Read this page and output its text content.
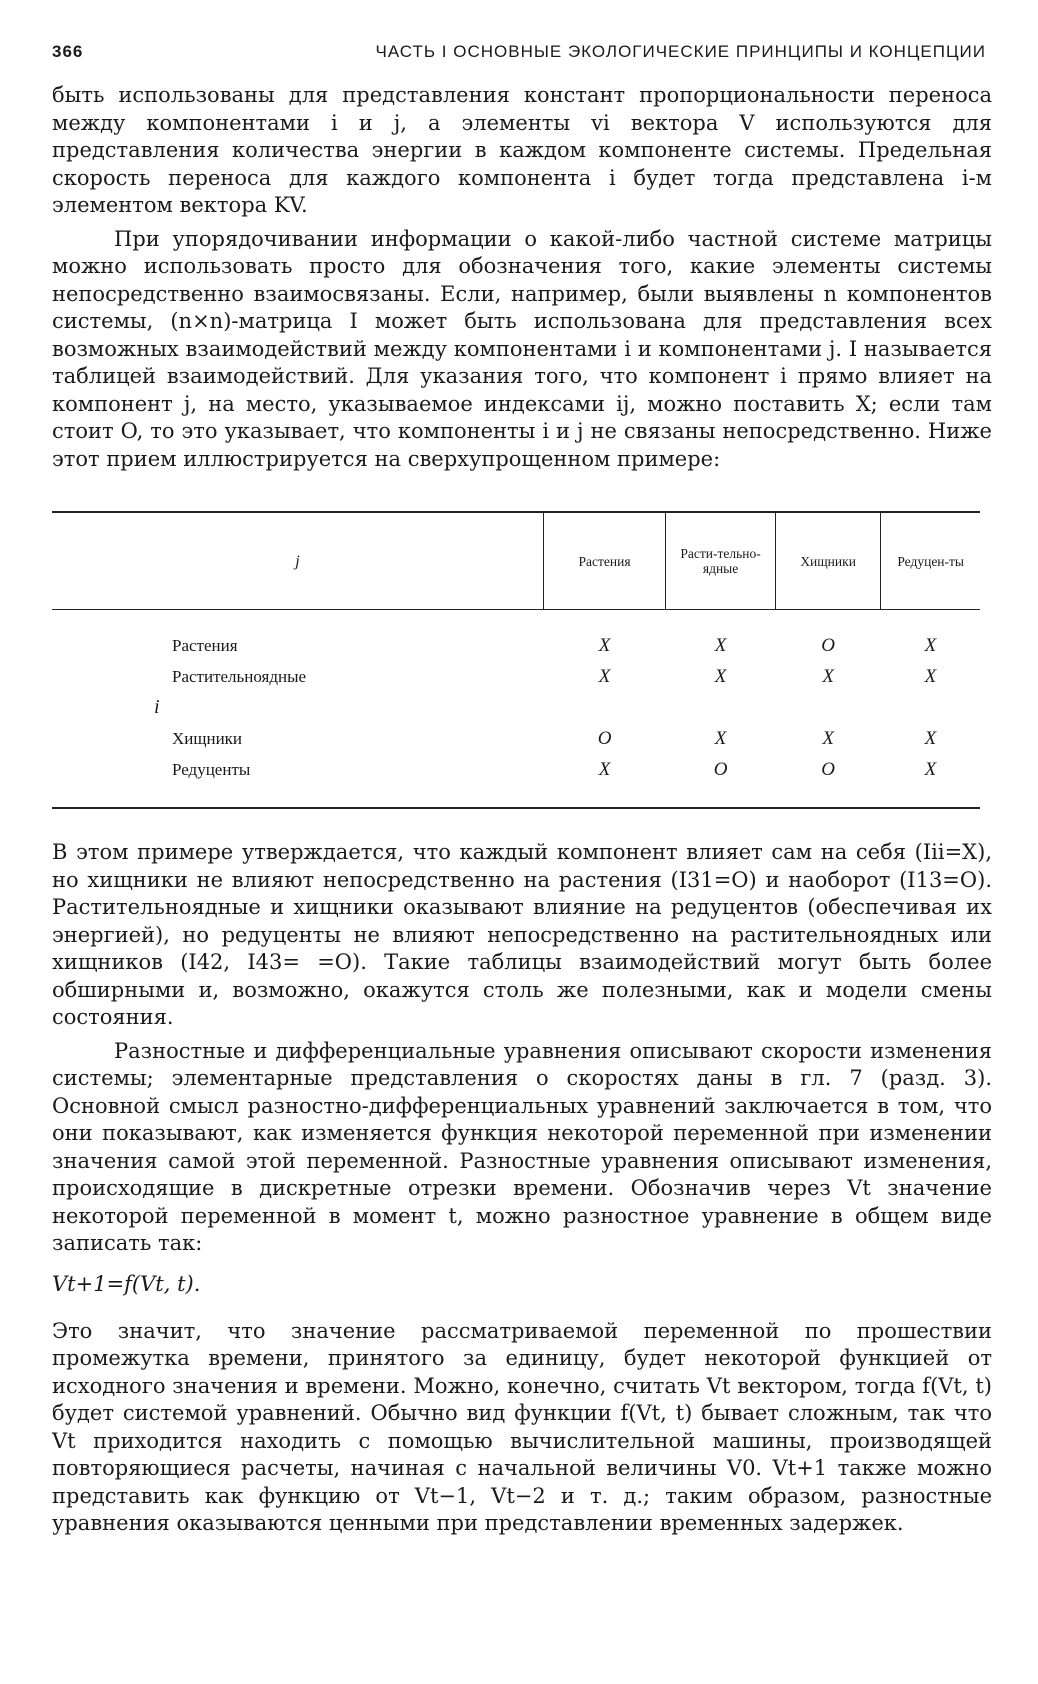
366	ЧАСТЬ I ОСНОВНЫЕ ЭКОЛОГИЧЕСКИЕ ПРИНЦИПЫ И КОНЦЕПЦИИ

быть использованы для представления констант пропорциональности переноса между компонентами i и j, а элементы vi вектора V используются для представления количества энергии в каждом компоненте системы. Предельная скорость переноса для каждого компонента i будет тогда представлена i-м элементом вектора KV.

При упорядочивании информации о какой-либо частной системе матрицы можно использовать просто для обозначения того, какие элементы системы непосредственно взаимосвязаны. Если, например, были выявлены n компонентов системы, (n×n)-матрица I может быть использована для представления всех возможных взаимодействий между компонентами i и компонентами j. I называется таблицей взаимодействий. Для указания того, что компонент i прямо влияет на компонент j, на место, указываемое индексами ij, можно поставить X; если там стоит O, то это указывает, что компоненты i и j не связаны непосредственно. Ниже этот прием иллюстрируется на сверхупрощенном примере:

j	Растения	Расти-тельно-ядные	Хищники	Редуцен-ты
Растения	X	X	O	X
Растительноядные	X	X	X	X
i				
Хищники	O	X	X	X
Редуценты	X	O	O	X

В этом примере утверждается, что каждый компонент влияет сам на себя (Iii=X), но хищники не влияют непосредственно на растения (I31=O) и наоборот (I13=O). Растительноядные и хищники оказывают влияние на редуцентов (обеспечивая их энергией), но редуценты не влияют непосредственно на растительноядных или хищников (I42, I43= =O). Такие таблицы взаимодействий могут быть более обширными и, возможно, окажутся столь же полезными, как и модели смены состояния.

Разностные и дифференциальные уравнения описывают скорости изменения системы; элементарные представления о скоростях даны в гл. 7 (разд. 3). Основной смысл разностно-дифференциальных уравнений заключается в том, что они показывают, как изменяется функция некоторой переменной при изменении значения самой этой переменной. Разностные уравнения описывают изменения, происходящие в дискретные отрезки времени. Обозначив через Vt значение некоторой переменной в момент t, можно разностное уравнение в общем виде записать так:

Vt+1=f(Vt, t).

Это значит, что значение рассматриваемой переменной по прошествии промежутка времени, принятого за единицу, будет некоторой функцией от исходного значения и времени. Можно, конечно, считать Vt вектором, тогда f(Vt, t) будет системой уравнений. Обычно вид функции f(Vt, t) бывает сложным, так что Vt приходится находить с помощью вычислительной машины, производящей повторяющиеся расчеты, начиная с начальной величины V0. Vt+1 также можно представить как функцию от Vt−1, Vt−2 и т. д.; таким образом, разностные уравнения оказываются ценными при представлении временных задержек.
